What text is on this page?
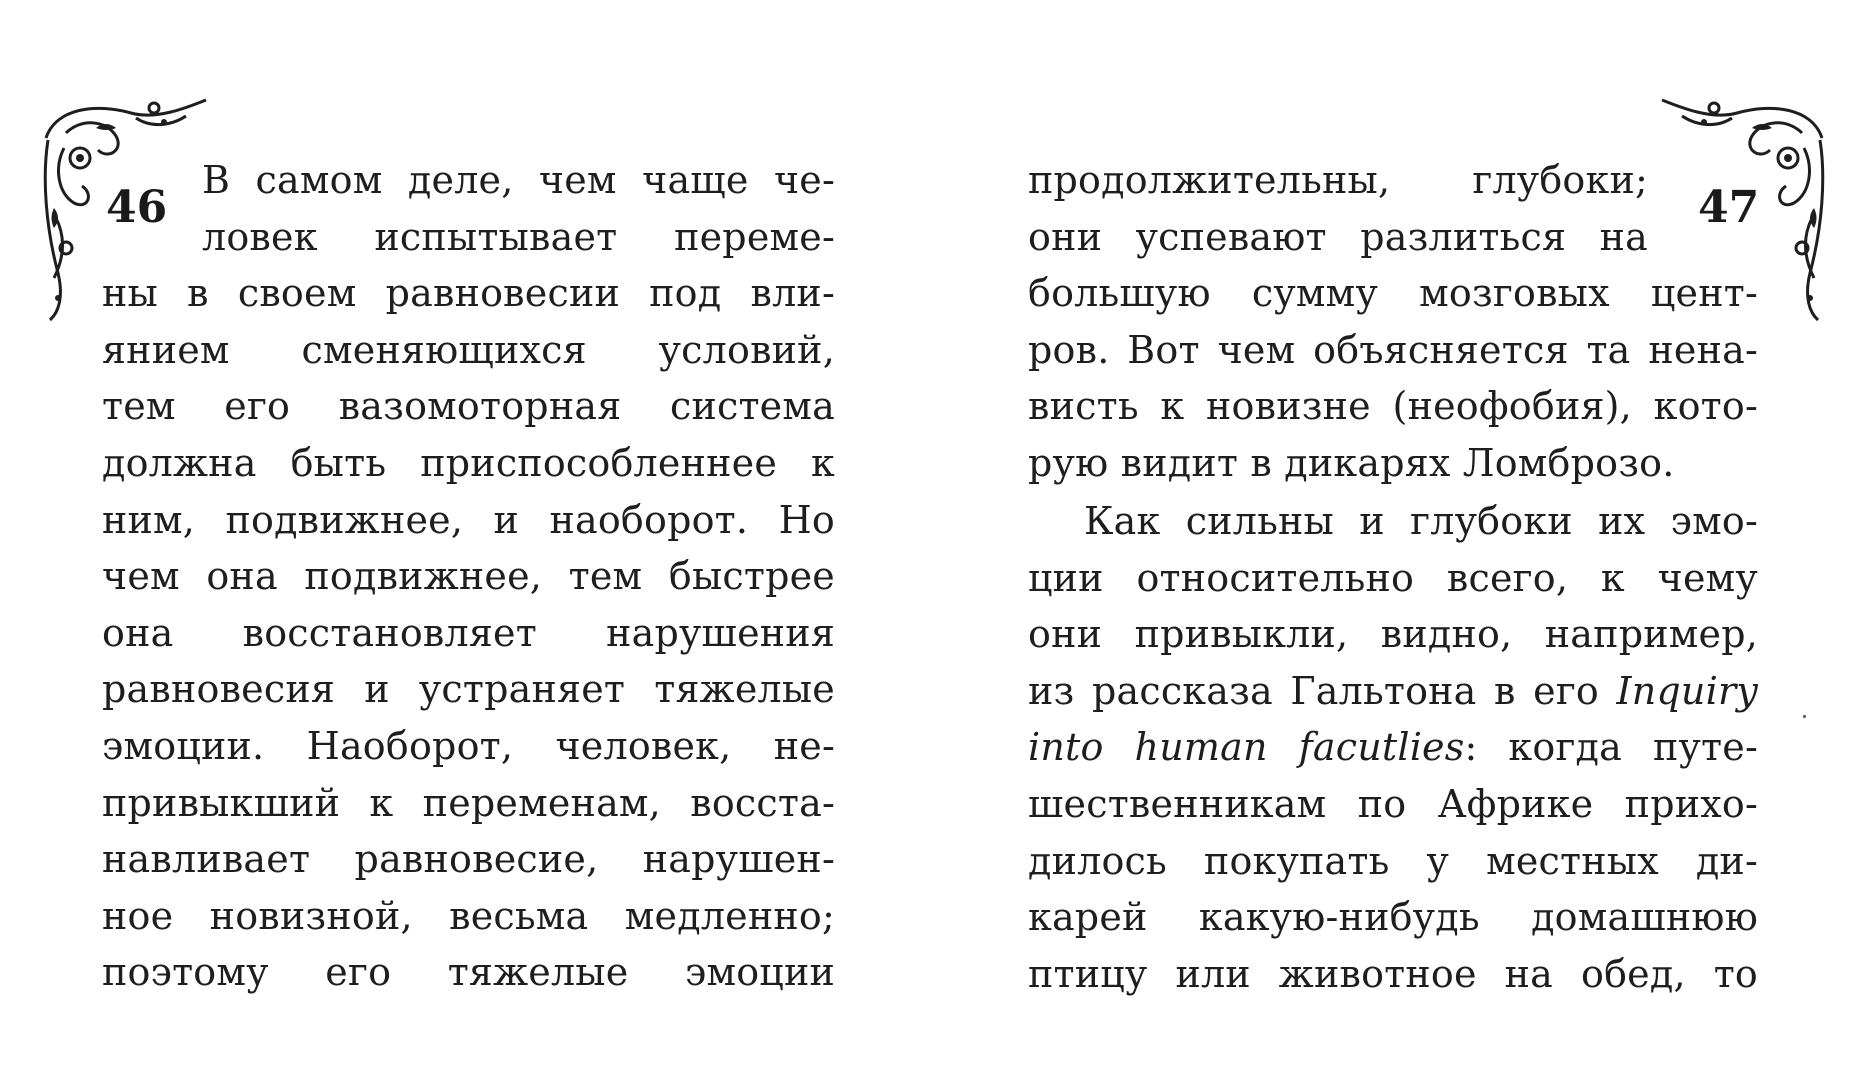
46
В самом деле, чем чаще че-
ловек испытывает переме-
ны в своем равновесии под вли-
янием сменяющихся условий,
тем его вазомоторная система
должна быть приспособленнее к
ним, подвижнее, и наоборот. Но
чем она подвижнее, тем быстрее
она восстановляет нарушения
равновесия и устраняет тяжелые
эмоции. Наоборот, человек, не-
привыкший к переменам, восста-
навливает равновесие, нарушен-
ное новизной, весьма медленно;
поэтому его тяжелые эмоции
47
продолжительны, глубоки;
они успевают разлиться на
большую сумму мозговых цент-
ров. Вот чем объясняется та нена-
висть к новизне (неофобия), кото-
рую видит в дикарях Ломброзо.
Как сильны и глубоки их эмо-
ции относительно всего, к чему
они привыкли, видно, например,
из рассказа Гальтона в его Inquiry
into human facutlies: когда путе-
шественникам по Африке прихо-
дилось покупать у местных ди-
карей какую-нибудь домашнюю
птицу или животное на обед, то
